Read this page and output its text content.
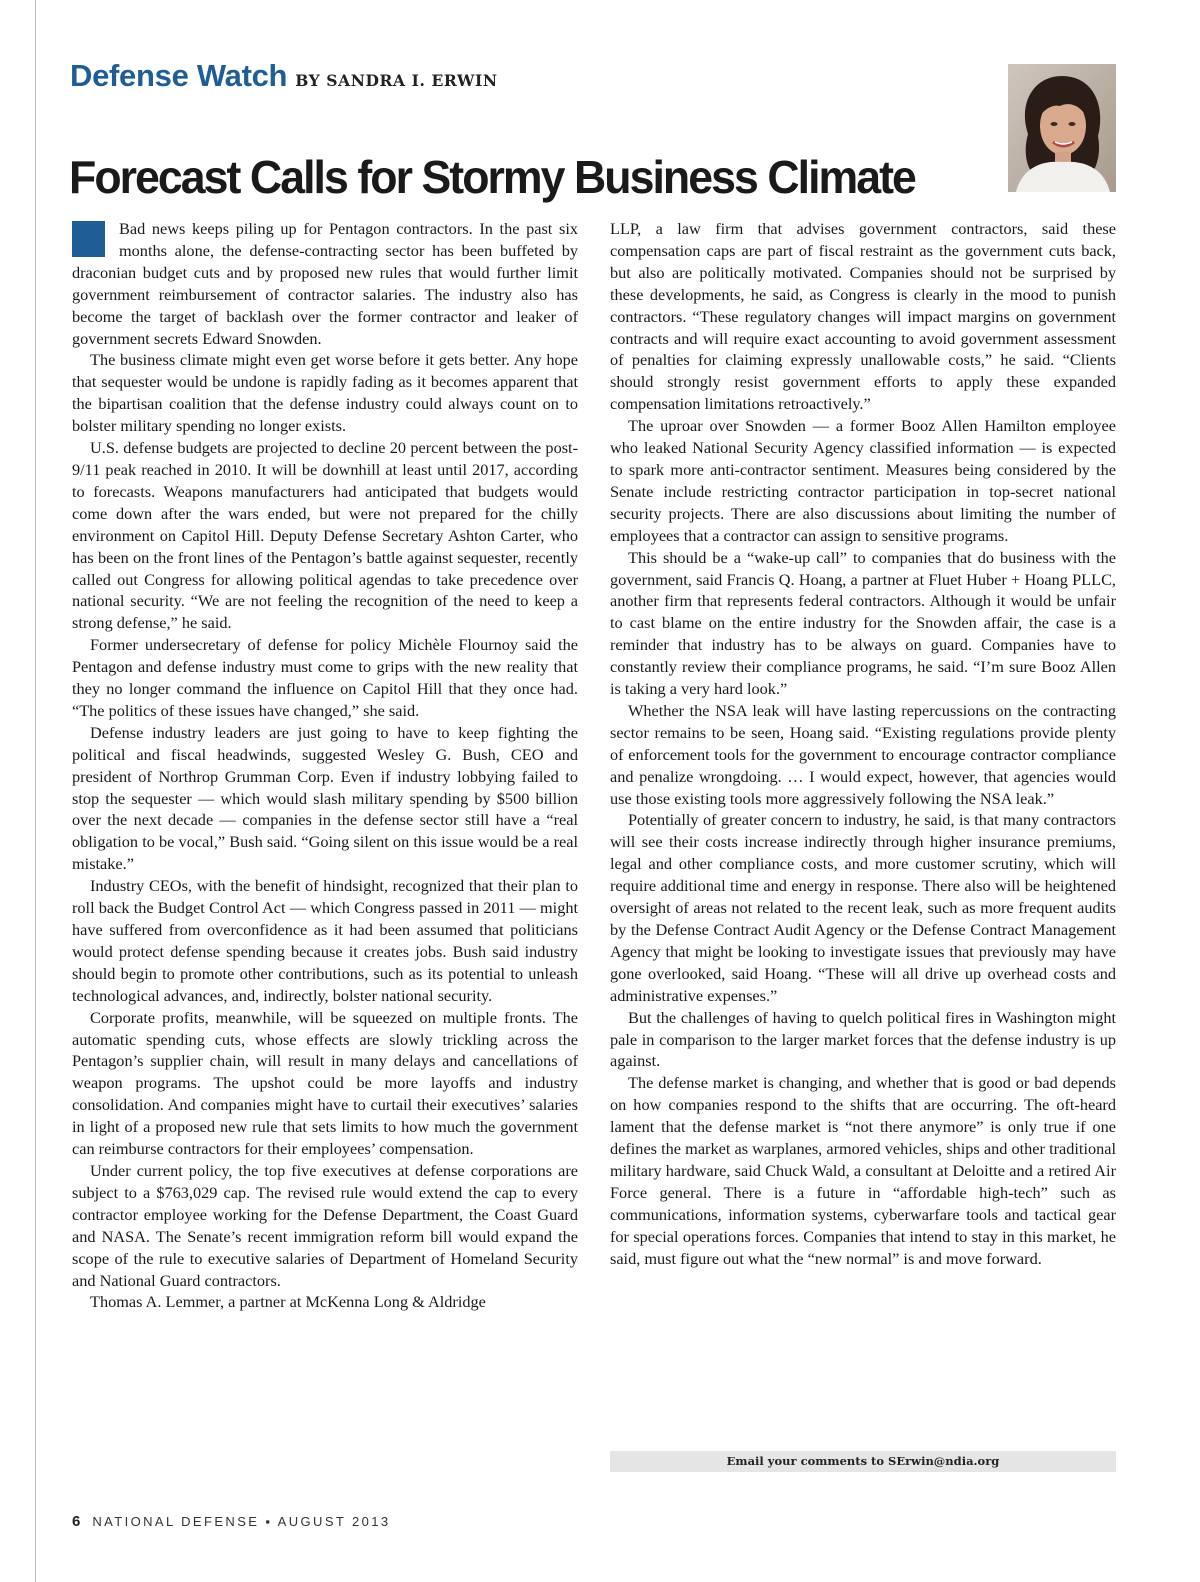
Defense Watch BY SANDRA I. ERWIN
Forecast Calls for Stormy Business Climate

Bad news keeps piling up for Pentagon contractors. In the past six months alone, the defense-contracting sector has been buffeted by draconian budget cuts and by proposed new rules that would further limit government reimbursement of contractor salaries. The industry also has become the target of backlash over the former contractor and leaker of government secrets Edward Snowden.

The business climate might even get worse before it gets better. Any hope that sequester would be undone is rapidly fading as it becomes apparent that the bipartisan coalition that the defense industry could always count on to bolster military spending no longer exists.

U.S. defense budgets are projected to decline 20 percent between the post-9/11 peak reached in 2010. It will be downhill at least until 2017, according to forecasts. Weapons manufacturers had anticipated that budgets would come down after the wars ended, but were not prepared for the chilly environment on Capitol Hill. Deputy Defense Secretary Ashton Carter, who has been on the front lines of the Pentagon’s battle against sequester, recently called out Congress for allowing political agendas to take precedence over national security. “We are not feeling the recognition of the need to keep a strong defense,” he said.

Former undersecretary of defense for policy Michèle Flournoy said the Pentagon and defense industry must come to grips with the new reality that they no longer command the influence on Capitol Hill that they once had. “The politics of these issues have changed,” she said.

Defense industry leaders are just going to have to keep fighting the political and fiscal headwinds, suggested Wesley G. Bush, CEO and president of Northrop Grumman Corp. Even if industry lobbying failed to stop the sequester — which would slash military spending by $500 billion over the next decade — companies in the defense sector still have a “real obligation to be vocal,” Bush said. “Going silent on this issue would be a real mistake.”

Industry CEOs, with the benefit of hindsight, recognized that their plan to roll back the Budget Control Act — which Congress passed in 2011 — might have suffered from overconfidence as it had been assumed that politicians would protect defense spending because it creates jobs. Bush said industry should begin to promote other contributions, such as its potential to unleash technological advances, and, indirectly, bolster national security.

Corporate profits, meanwhile, will be squeezed on multiple fronts. The automatic spending cuts, whose effects are slowly trickling across the Pentagon’s supplier chain, will result in many delays and cancellations of weapon programs. The upshot could be more layoffs and industry consolidation. And companies might have to curtail their executives’ salaries in light of a proposed new rule that sets limits to how much the government can reimburse contractors for their employees’ compensation.

Under current policy, the top five executives at defense corporations are subject to a $763,029 cap. The revised rule would extend the cap to every contractor employee working for the Defense Department, the Coast Guard and NASA. The Senate’s recent immigration reform bill would expand the scope of the rule to executive salaries of Department of Homeland Security and National Guard contractors.

Thomas A. Lemmer, a partner at McKenna Long & Aldridge

LLP, a law firm that advises government contractors, said these compensation caps are part of fiscal restraint as the government cuts back, but also are politically motivated. Companies should not be surprised by these developments, he said, as Congress is clearly in the mood to punish contractors. “These regulatory changes will impact margins on government contracts and will require exact accounting to avoid government assessment of penalties for claiming expressly unallowable costs,” he said. “Clients should strongly resist government efforts to apply these expanded compensation limitations retroactively.”

The uproar over Snowden — a former Booz Allen Hamilton employee who leaked National Security Agency classified information — is expected to spark more anti-contractor sentiment. Measures being considered by the Senate include restricting contractor participation in top-secret national security projects. There are also discussions about limiting the number of employees that a contractor can assign to sensitive programs.

This should be a “wake-up call” to companies that do business with the government, said Francis Q. Hoang, a partner at Fluet Huber + Hoang PLLC, another firm that represents federal contractors. Although it would be unfair to cast blame on the entire industry for the Snowden affair, the case is a reminder that industry has to be always on guard. Companies have to constantly review their compliance programs, he said. “I’m sure Booz Allen is taking a very hard look.”

Whether the NSA leak will have lasting repercussions on the contracting sector remains to be seen, Hoang said. “Existing regulations provide plenty of enforcement tools for the government to encourage contractor compliance and penalize wrongdoing. … I would expect, however, that agencies would use those existing tools more aggressively following the NSA leak.”

Potentially of greater concern to industry, he said, is that many contractors will see their costs increase indirectly through higher insurance premiums, legal and other compliance costs, and more customer scrutiny, which will require additional time and energy in response. There also will be heightened oversight of areas not related to the recent leak, such as more frequent audits by the Defense Contract Audit Agency or the Defense Contract Management Agency that might be looking to investigate issues that previously may have gone overlooked, said Hoang. “These will all drive up overhead costs and administrative expenses.”

But the challenges of having to quelch political fires in Washington might pale in comparison to the larger market forces that the defense industry is up against.

The defense market is changing, and whether that is good or bad depends on how companies respond to the shifts that are occurring. The oft-heard lament that the defense market is “not there anymore” is only true if one defines the market as warplanes, armored vehicles, ships and other traditional military hardware, said Chuck Wald, a consultant at Deloitte and a retired Air Force general. There is a future in “affordable high-tech” such as communications, information systems, cyberwarfare tools and tactical gear for special operations forces. Companies that intend to stay in this market, he said, must figure out what the “new normal” is and move forward.

Email your comments to SErwin@ndia.org
6 NATIONAL DEFENSE ▪ AUGUST 2013
